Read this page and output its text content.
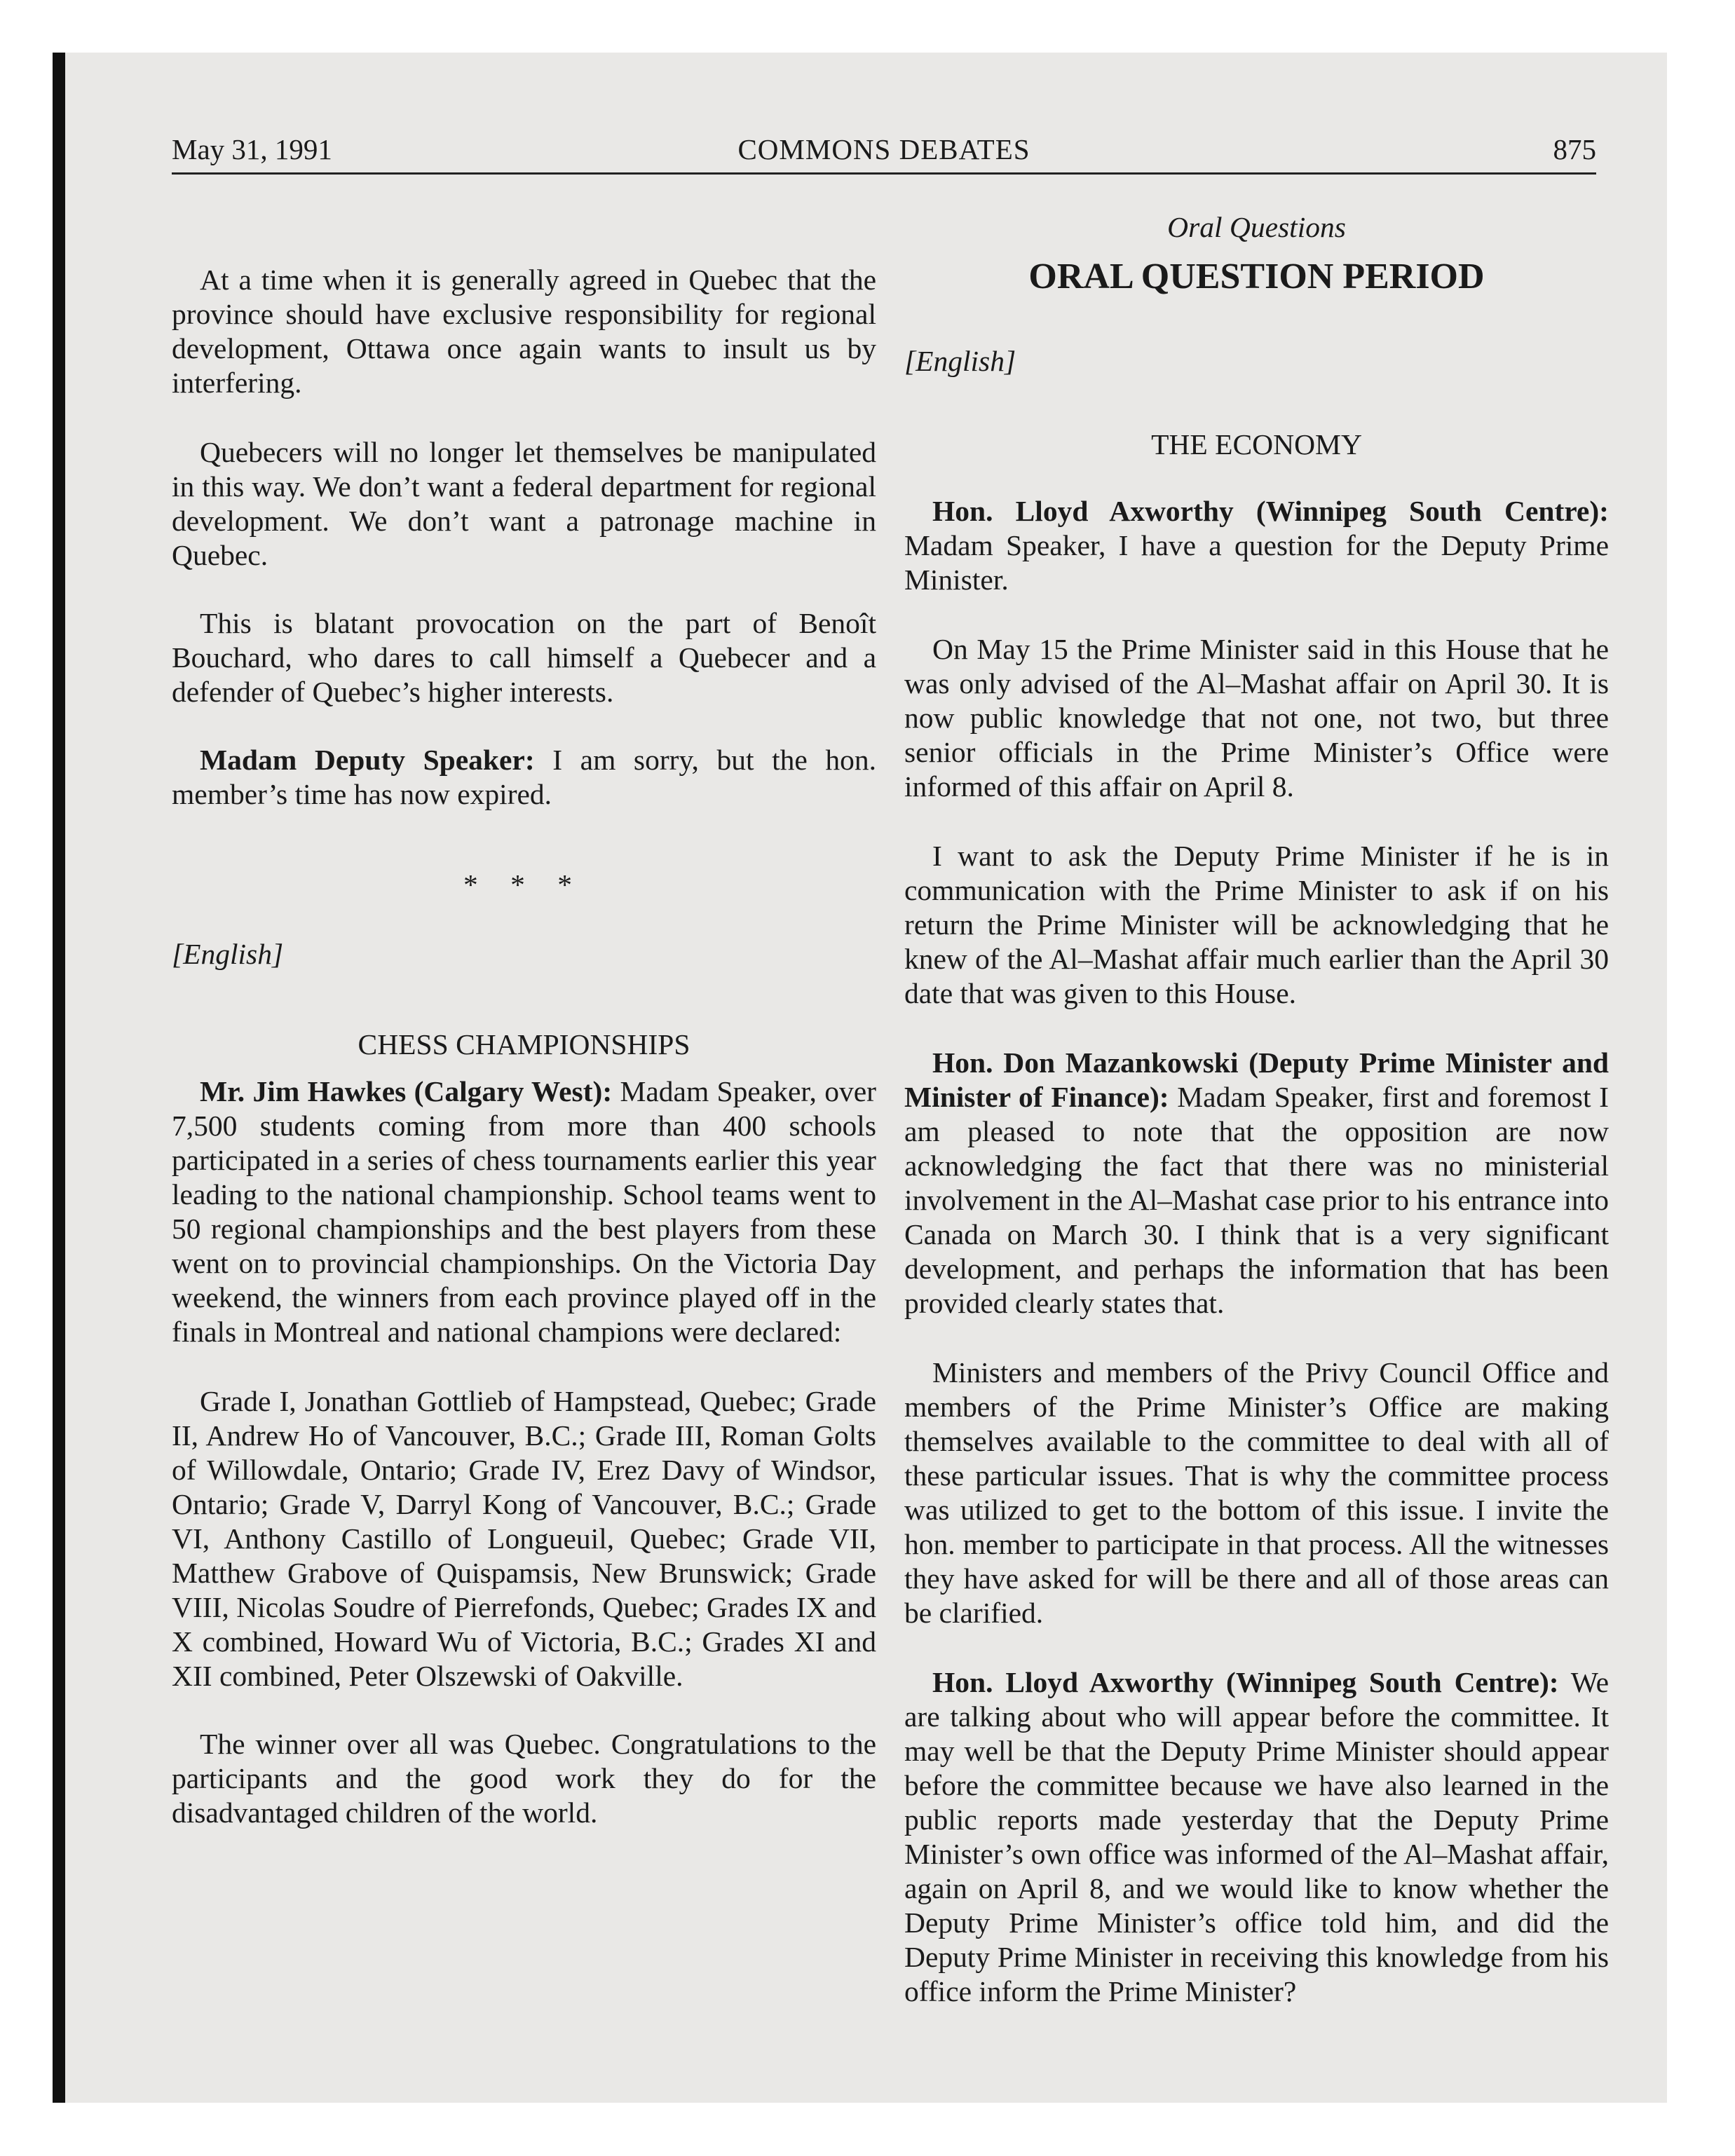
May 31, 1991	COMMONS DEBATES	875

At a time when it is generally agreed in Quebec that the province should have exclusive responsibility for regional development, Ottawa once again wants to insult us by interfering.

Quebecers will no longer let themselves be manipulated in this way. We don’t want a federal department for regional development. We don’t want a patronage machine in Quebec.

This is blatant provocation on the part of Benoît Bouchard, who dares to call himself a Quebecer and a defender of Quebec’s higher interests.

Madam Deputy Speaker: I am sorry, but the hon. member’s time has now expired.

* * *
[English]
CHESS CHAMPIONSHIPS

Mr. Jim Hawkes (Calgary West): Madam Speaker, over 7,500 students coming from more than 400 schools participated in a series of chess tournaments earlier this year leading to the national championship. School teams went to 50 regional championships and the best players from these went on to provincial championships. On the Victoria Day weekend, the winners from each province played off in the finals in Montreal and national champions were declared:

Grade I, Jonathan Gottlieb of Hampstead, Quebec; Grade II, Andrew Ho of Vancouver, B.C.; Grade III, Roman Golts of Willowdale, Ontario; Grade IV, Erez Davy of Windsor, Ontario; Grade V, Darryl Kong of Vancouver, B.C.; Grade VI, Anthony Castillo of Longueuil, Quebec; Grade VII, Matthew Grabove of Quispamsis, New Brunswick; Grade VIII, Nicolas Soudre of Pierrefonds, Quebec; Grades IX and X combined, Howard Wu of Victoria, B.C.; Grades XI and XII combined, Peter Olszewski of Oakville.

The winner over all was Quebec. Congratulations to the participants and the good work they do for the disadvantaged children of the world.

Oral Questions
ORAL QUESTION PERIOD
[English]
THE ECONOMY

Hon. Lloyd Axworthy (Winnipeg South Centre): Madam Speaker, I have a question for the Deputy Prime Minister.

On May 15 the Prime Minister said in this House that he was only advised of the Al–Mashat affair on April 30. It is now public knowledge that not one, not two, but three senior officials in the Prime Minister’s Office were informed of this affair on April 8.

I want to ask the Deputy Prime Minister if he is in communication with the Prime Minister to ask if on his return the Prime Minister will be acknowledging that he knew of the Al–Mashat affair much earlier than the April 30 date that was given to this House.

Hon. Don Mazankowski (Deputy Prime Minister and Minister of Finance): Madam Speaker, first and foremost I am pleased to note that the opposition are now acknowledging the fact that there was no ministerial involvement in the Al–Mashat case prior to his entrance into Canada on March 30. I think that is a very significant development, and perhaps the information that has been provided clearly states that.

Ministers and members of the Privy Council Office and members of the Prime Minister’s Office are making themselves available to the committee to deal with all of these particular issues. That is why the committee process was utilized to get to the bottom of this issue. I invite the hon. member to participate in that process. All the witnesses they have asked for will be there and all of those areas can be clarified.

Hon. Lloyd Axworthy (Winnipeg South Centre): We are talking about who will appear before the committee. It may well be that the Deputy Prime Minister should appear before the committee because we have also learned in the public reports made yesterday that the Deputy Prime Minister’s own office was informed of the Al–Mashat affair, again on April 8, and we would like to know whether the Deputy Prime Minister’s office told him, and did the Deputy Prime Minister in receiving this knowledge from his office inform the Prime Minister?
